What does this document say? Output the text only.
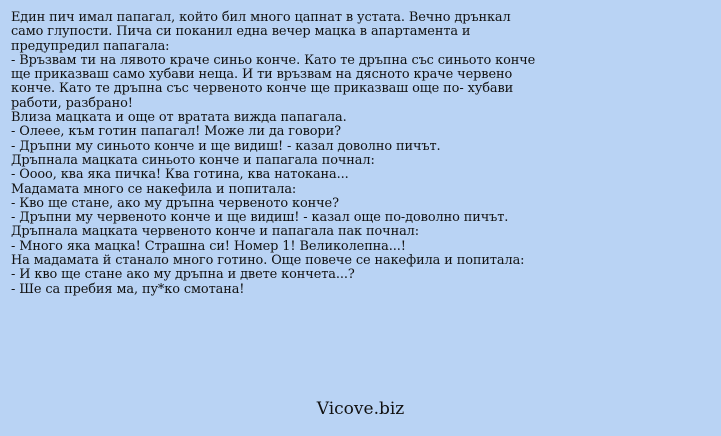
Един пич имал папагал, който бил много цапнат в устата. Вечно дрънкал
само глупости. Пича си поканил една вечер мацка в апартамента и
предупредил папагала:
- Връзвам ти на лявото краче синьо конче. Като те дръпна със синьото конче
ще приказваш само хубави неща. И ти връзвам на дясното краче червено
конче. Като те дръпна със червеното конче ще приказваш още по- хубави
работи, разбрано!
Влиза мацката и още от вратата вижда папагала.
- Олеее, към готин папагал! Може ли да говори?
- Дръпни му синьото конче и ще видиш! - казал доволно пичът.
Дръпнала мацката синьото конче и папагала почнал:
- Оооо, ква яка пичка! Ква готина, ква натокана...
Мадамата много се накефила и попитала:
- Кво ще стане, ако му дръпна червеното конче?
- Дръпни му червеното конче и ще видиш! - казал още по-доволно пичът.
Дръпнала мацката червеното конче и папагала пак почнал:
- Много яка мацка! Страшна си! Номер 1! Великолепна...!
На мадамата й станало много готино. Още повече се накефила и попитала:
- И кво ще стане ако му дръпна и двете кончета...?
- Ше са пребия ма, пу*ко смотана!
Vicove.biz
